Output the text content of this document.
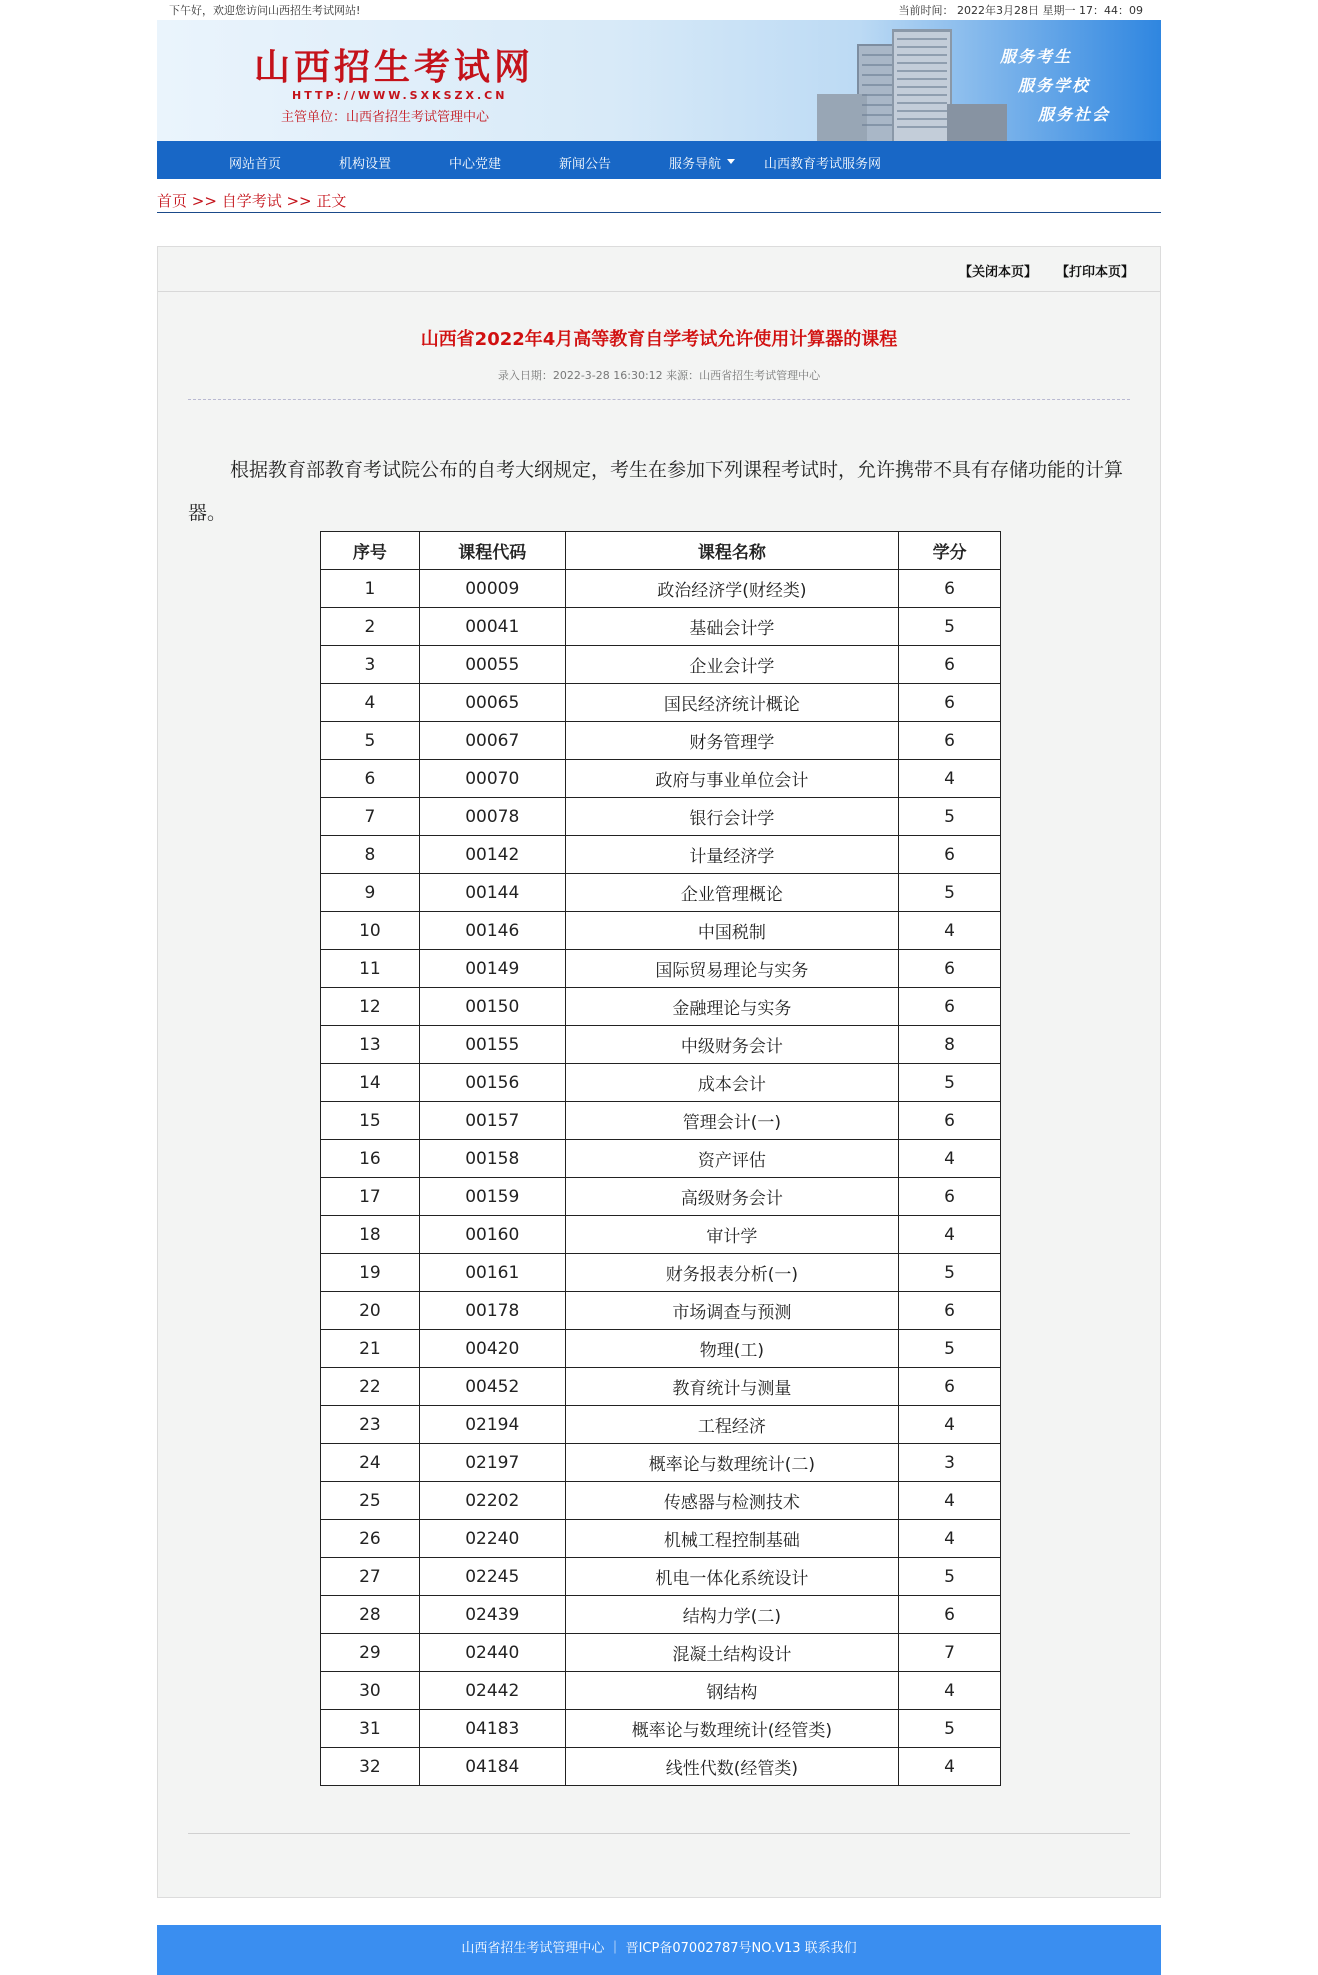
下午好，欢迎您访问山西招生考试网站!	当前时间： 2022年3月28日 星期一 17：44：09
山西招生考试网
HTTP://WWW.SXKSZX.CN
主管单位：山西省招生考试管理中心
服务考生
服务学校
服务社会
网站首页	机构设置	中心党建	新闻公告	服务导航	山西教育考试服务网
首页 >> 自学考试 >> 正文
【关闭本页】 【打印本页】
山西省2022年4月高等教育自学考试允许使用计算器的课程
录入日期：2022-3-28 16:30:12 来源：山西省招生考试管理中心
根据教育部教育考试院公布的自考大纲规定，考生在参加下列课程考试时，允许携带不具有存储功能的计算器。
序号	课程代码	课程名称	学分
1	00009	政治经济学(财经类)	6
2	00041	基础会计学	5
3	00055	企业会计学	6
4	00065	国民经济统计概论	6
5	00067	财务管理学	6
6	00070	政府与事业单位会计	4
7	00078	银行会计学	5
8	00142	计量经济学	6
9	00144	企业管理概论	5
10	00146	中国税制	4
11	00149	国际贸易理论与实务	6
12	00150	金融理论与实务	6
13	00155	中级财务会计	8
14	00156	成本会计	5
15	00157	管理会计(一)	6
16	00158	资产评估	4
17	00159	高级财务会计	6
18	00160	审计学	4
19	00161	财务报表分析(一)	5
20	00178	市场调查与预测	6
21	00420	物理(工)	5
22	00452	教育统计与测量	6
23	02194	工程经济	4
24	02197	概率论与数理统计(二)	3
25	02202	传感器与检测技术	4
26	02240	机械工程控制基础	4
27	02245	机电一体化系统设计	5
28	02439	结构力学(二)	6
29	02440	混凝土结构设计	7
30	02442	钢结构	4
31	04183	概率论与数理统计(经管类)	5
32	04184	线性代数(经管类)	4
山西省招生考试管理中心 ｜ 晋ICP备07002787号NO.V13 联系我们
